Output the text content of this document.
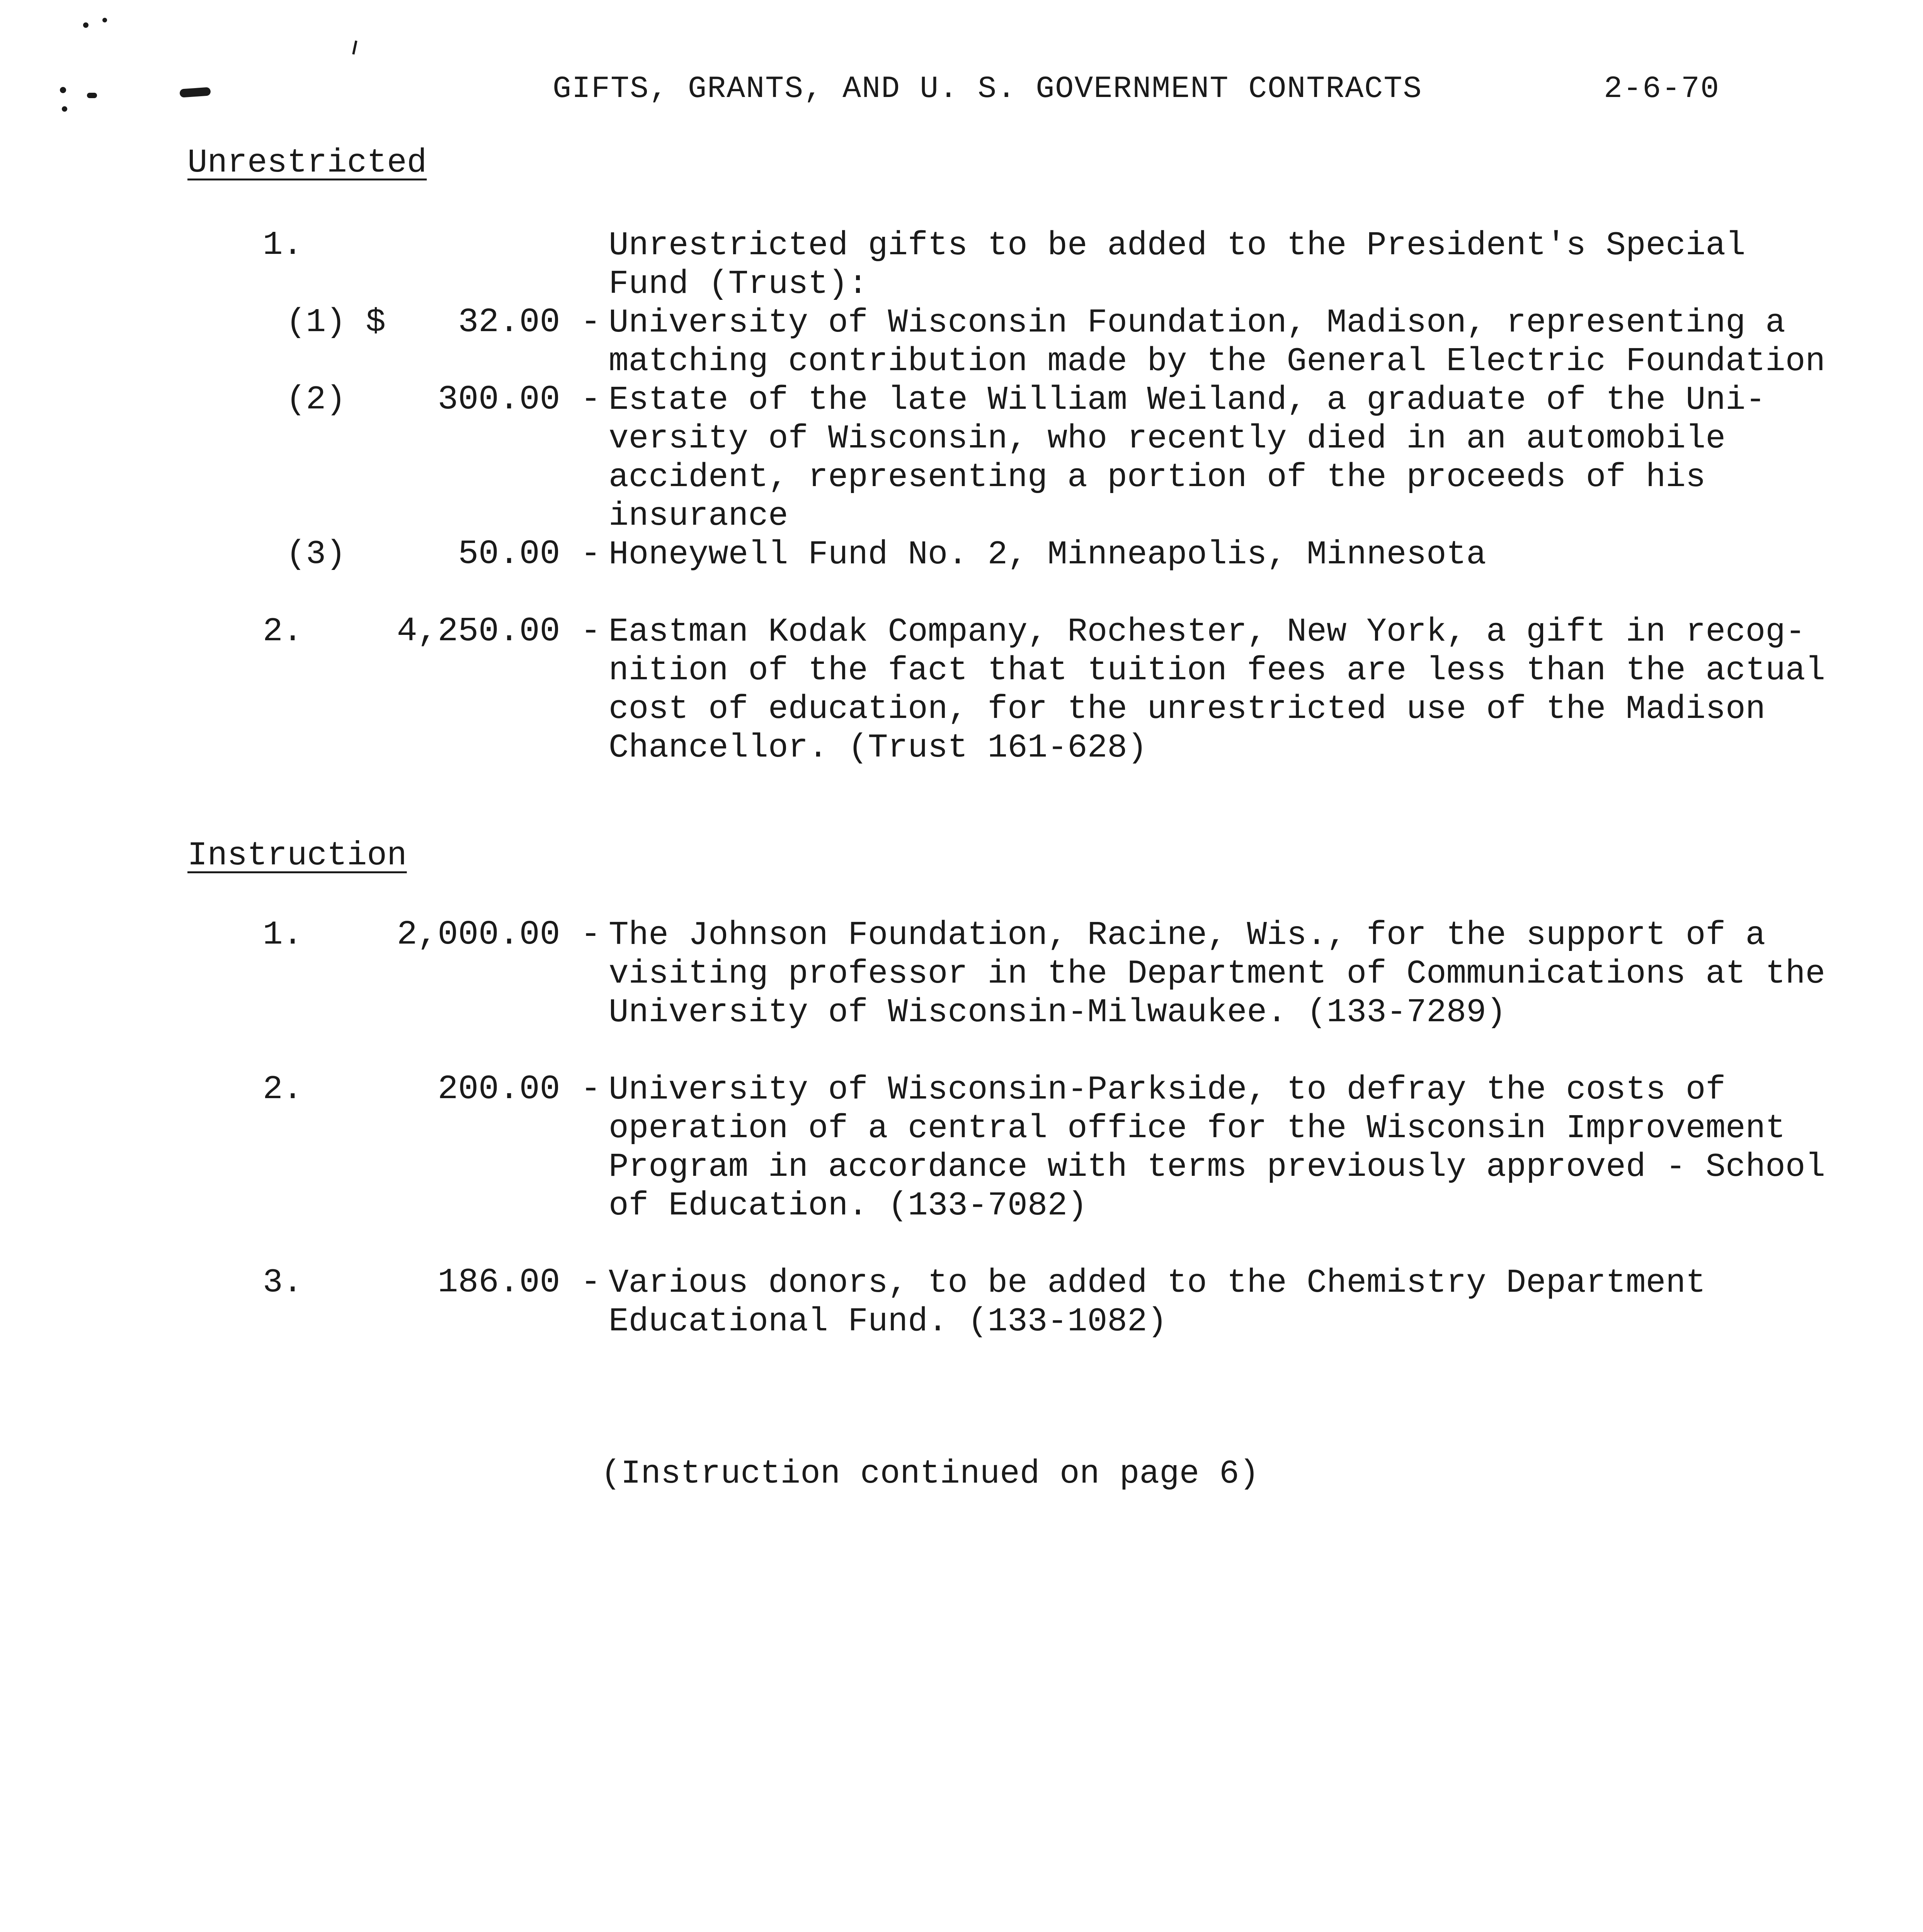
GIFTS, GRANTS, AND U. S. GOVERNMENT CONTRACTS	2-6-70
Unrestricted
1.	Unrestricted gifts to be added to the President's Special
Fund (Trust):
(1) $	32.00 - University of Wisconsin Foundation, Madison, representing a
matching contribution made by the General Electric Foundation
(2)	300.00 - Estate of the late William Weiland, a graduate of the Uni-
versity of Wisconsin, who recently died in an automobile
accident, representing a portion of the proceeds of his
insurance
(3)	50.00 - Honeywell Fund No. 2, Minneapolis, Minnesota
2.	4,250.00 - Eastman Kodak Company, Rochester, New York, a gift in recog-
nition of the fact that tuition fees are less than the actual
cost of education, for the unrestricted use of the Madison
Chancellor. (Trust 161-628)
Instruction
1.	2,000.00 - The Johnson Foundation, Racine, Wis., for the support of a
visiting professor in the Department of Communications at the
University of Wisconsin-Milwaukee. (133-7289)
2.	200.00 - University of Wisconsin-Parkside, to defray the costs of
operation of a central office for the Wisconsin Improvement
Program in accordance with terms previously approved - School
of Education. (133-7082)
3.	186.00 - Various donors, to be added to the Chemistry Department
Educational Fund. (133-1082)
(Instruction continued on page 6)
